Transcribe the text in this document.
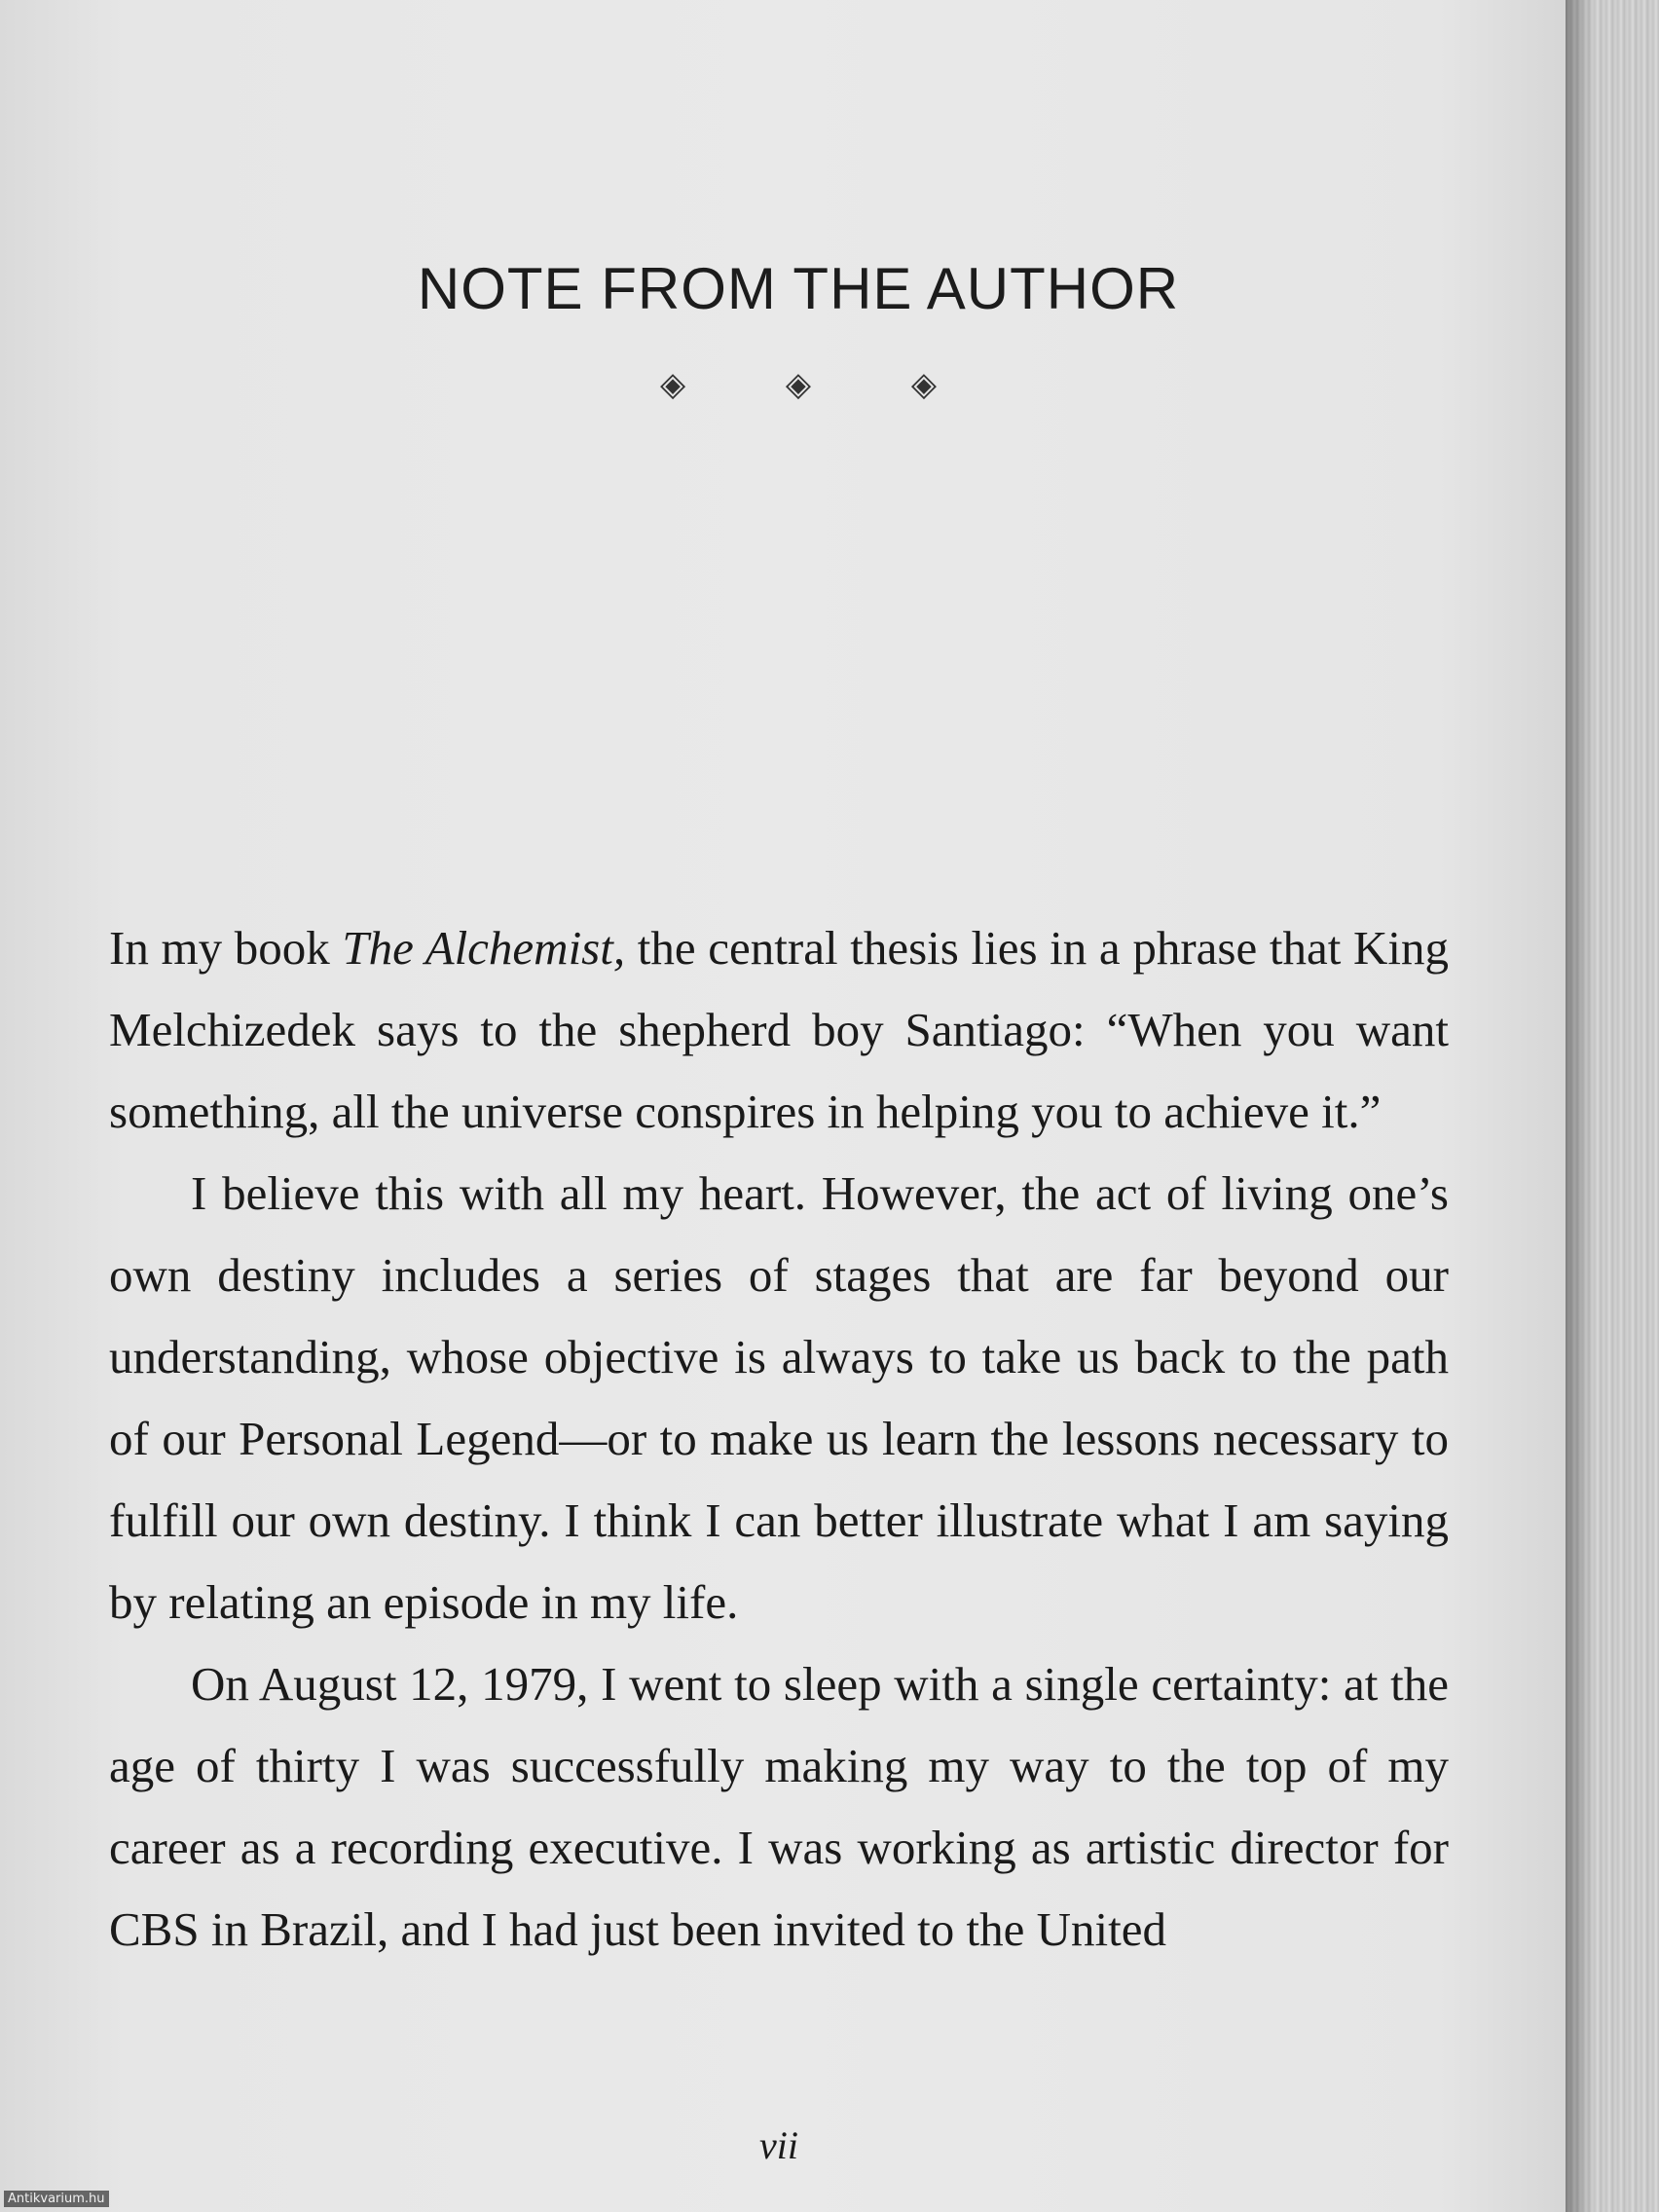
NOTE FROM THE AUTHOR
◈ ◈ ◈

In my book The Alchemist, the central thesis lies in a phrase that King Melchizedek says to the shepherd boy Santiago: “When you want something, all the universe conspires in helping you to achieve it.”

I believe this with all my heart. However, the act of living one’s own destiny includes a series of stages that are far beyond our understanding, whose objective is always to take us back to the path of our Personal Legend—or to make us learn the lessons necessary to fulfill our own destiny. I think I can better illustrate what I am saying by relating an episode in my life.

On August 12, 1979, I went to sleep with a single certainty: at the age of thirty I was successfully making my way to the top of my career as a recording executive. I was working as artistic director for CBS in Brazil, and I had just been invited to the United

vii
Antikvarium.hu
